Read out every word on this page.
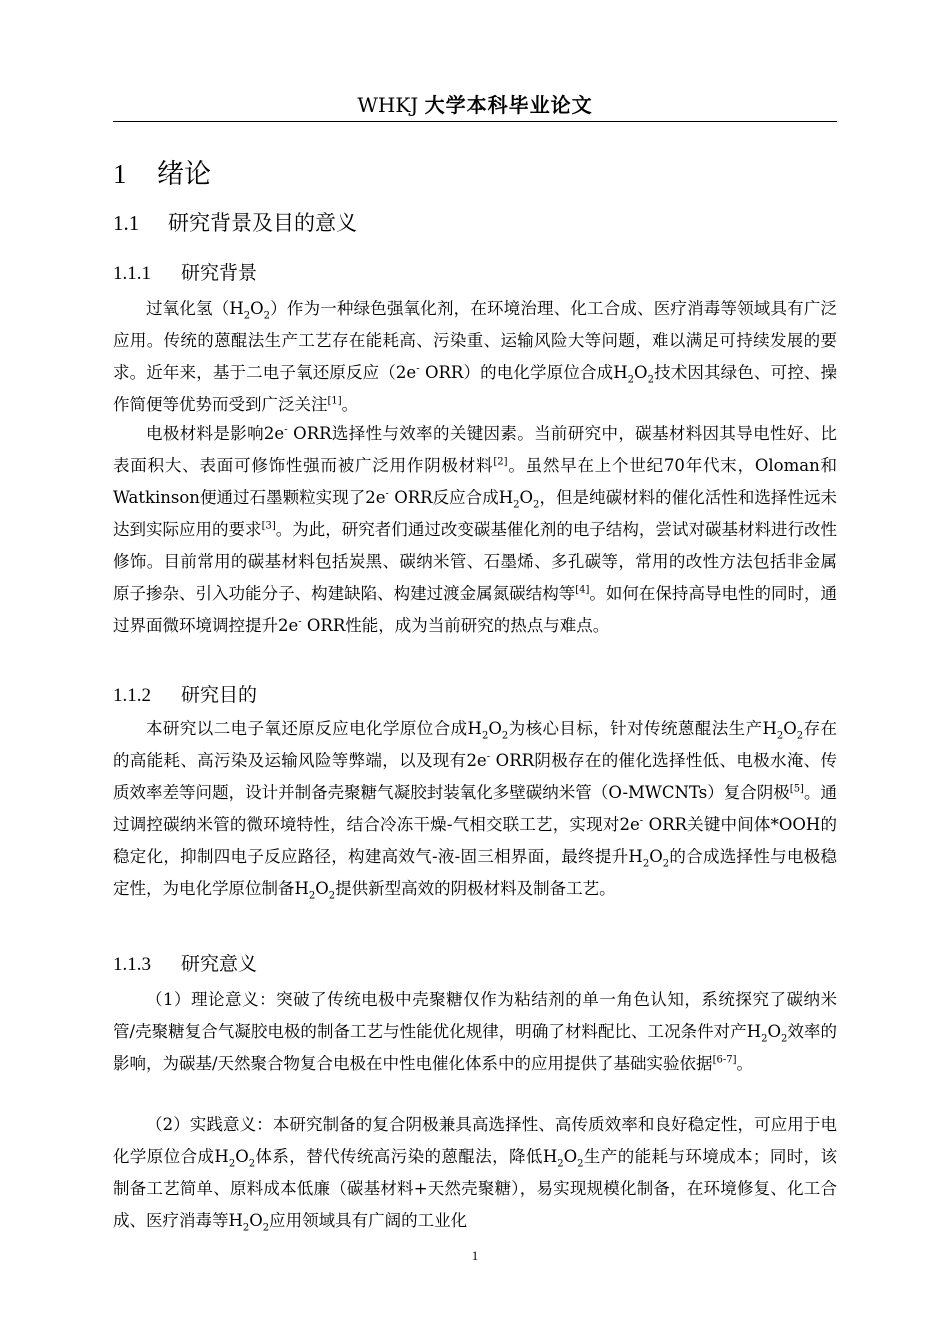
WHKJ 大学本科毕业论文
1 绪论
1.1 研究背景及目的意义
1.1.1 研究背景

过氧化氢$(H_2O_2)$作为一种绿色强氧化剂，在环境治理、化工合成、医疗消毒等领域具有广泛应用。传统的蒽醌法生产工艺存在能耗高、污染重、运输风险大等问题，难以满足可持续发展的要求。近年来，基于二电子氧还原反应（2e- ORR）的电化学原位合成$H_2O_2$技术因其绿色、可控、操作简便等优势而受到广泛关注[1]。

电极材料是影响2e- ORR选择性与效率的关键因素。当前研究中，碳基材料因其导电性好、比表面积大、表面可修饰性强而被广泛用作阴极材料[2]。虽然早在上个世纪70年代末，Oloman和Watkinson便通过石墨颗粒实现了2e- ORR反应合成$H_2O_2$，但是纯碳材料的催化活性和选择性远未达到实际应用的要求[3]。为此，研究者们通过改变碳基催化剂的电子结构，尝试对碳基材料进行改性修饰。目前常用的碳基材料包括炭黑、碳纳米管、石墨烯、多孔碳等，常用的改性方法包括非金属原子掺杂、引入功能分子、构建缺陷、构建过渡金属氮碳结构等[4]。如何在保持高导电性的同时，通过界面微环境调控提升2e- ORR性能，成为当前研究的热点与难点。

1.1.2 研究目的

本研究以二电子氧还原反应电化学原位合成$H_2O_2$为核心目标，针对传统蒽醌法生产$H_2O_2$存在的高能耗、高污染及运输风险等弊端，以及现有2e- ORR阴极存在的催化选择性低、电极水淹、传质效率差等问题，设计并制备壳聚糖气凝胶封装氧化多壁碳纳米管（O-MWCNTs）复合阴极[5]。通过调控碳纳米管的微环境特性，结合冷冻干燥-气相交联工艺，实现对2e- ORR关键中间体*OOH的稳定化，抑制四电子反应路径，构建高效气-液-固三相界面，最终提升$H_2O_2$的合成选择性与电极稳定性，为电化学原位制备$H_2O_2$提供新型高效的阴极材料及制备工艺。

1.1.3 研究意义

（1）理论意义：突破了传统电极中壳聚糖仅作为粘结剂的单一角色认知，系统探究了碳纳米管/壳聚糖复合气凝胶电极的制备工艺与性能优化规律，明确了材料配比、工况条件对产$H_2O_2$效率的影响，为碳基/天然聚合物复合电极在中性电催化体系中的应用提供了基础实验依据[6-7]。

（2）实践意义：本研究制备的复合阴极兼具高选择性、高传质效率和良好稳定性，可应用于电化学原位合成$H_2O_2$体系，替代传统高污染的蒽醌法，降低$H_2O_2$生产的能耗与环境成本；同时，该制备工艺简单、原料成本低廉（碳基材料+天然壳聚糖），易实现规模化制备，在环境修复、化工合成、医疗消毒等$H_2O_2$应用领域具有广阔的工业化

1
